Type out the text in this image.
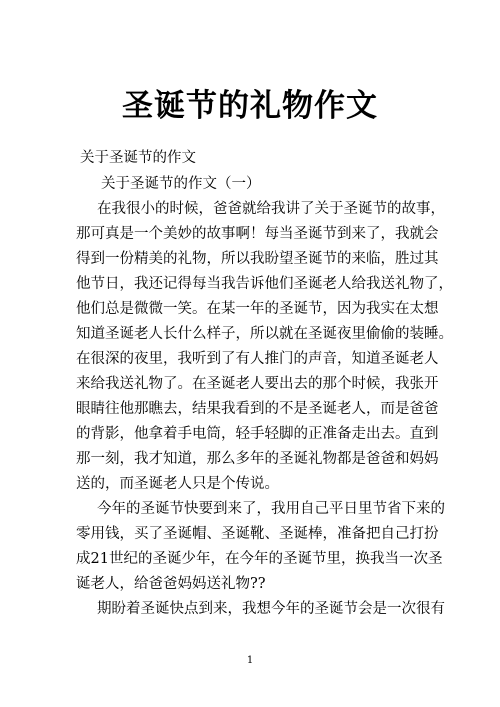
圣诞节的礼物作文
关于圣诞节的作文
关于圣诞节的作文（一）
在我很小的时候，爸爸就给我讲了关于圣诞节的故事，
那可真是一个美妙的故事啊！每当圣诞节到来了，我就会
得到一份精美的礼物，所以我盼望圣诞节的来临，胜过其
他节日，我还记得每当我告诉他们圣诞老人给我送礼物了，
他们总是微微一笑。在某一年的圣诞节，因为我实在太想
知道圣诞老人长什么样子，所以就在圣诞夜里偷偷的装睡。
在很深的夜里，我听到了有人推门的声音，知道圣诞老人
来给我送礼物了。在圣诞老人要出去的那个时候，我张开
眼睛往他那瞧去，结果我看到的不是圣诞老人，而是爸爸
的背影，他拿着手电筒，轻手轻脚的正准备走出去。直到
那一刻，我才知道，那么多年的圣诞礼物都是爸爸和妈妈
送的，而圣诞老人只是个传说。
今年的圣诞节快要到来了，我用自己平日里节省下来的
零用钱，买了圣诞帽、圣诞靴、圣诞棒，准备把自己打扮
成21世纪的圣诞少年，在今年的圣诞节里，换我当一次圣
诞老人，给爸爸妈妈送礼物??
期盼着圣诞快点到来，我想今年的圣诞节会是一次很有
1
